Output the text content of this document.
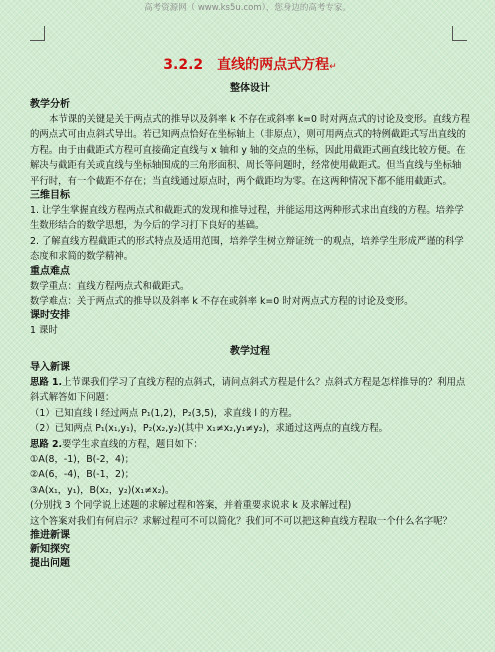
高考资源网（ www.ks5u.com），您身边的高考专家。
3.2.2　直线的两点式方程↵
整体设计
教学分析

本节课的关键是关于两点式的推导以及斜率 k 不存在或斜率 k=0 时对两点式的讨论及变形。直线方程的两点式可由点斜式导出。若已知两点恰好在坐标轴上（非原点），则可用两点式的特例截距式写出直线的方程。由于由截距式方程可直接确定直线与 x 轴和 y 轴的交点的坐标，因此用截距式画直线比较方便。在解决与截距有关或直线与坐标轴围成的三角形面积、周长等问题时，经常使用截距式。但当直线与坐标轴平行时，有一个截距不存在；当直线通过原点时，两个截距均为零。在这两种情况下都不能用截距式。

三维目标

1. 让学生掌握直线方程两点式和截距式的发现和推导过程，并能运用这两种形式求出直线的方程。培养学生数形结合的数学思想，为今后的学习打下良好的基础。

2. 了解直线方程截距式的形式特点及适用范围，培养学生树立辩证统一的观点，培养学生形成严谨的科学态度和求简的数学精神。

重点难点

数学重点：直线方程两点式和截距式。

数学难点：关于两点式的推导以及斜率 k 不存在或斜率 k=0 时对两点式方程的讨论及变形。

课时安排

1 课时

教学过程
导入新课

思路 1.上节课我们学习了直线方程的点斜式，请问点斜式方程是什么？点斜式方程是怎样推导的？利用点斜式解答如下问题：

（1）已知直线 l 经过两点 P₁(1,2)，P₂(3,5)，求直线 l 的方程。

（2）已知两点 P₁(x₁,y₁)，P₂(x₂,y₂)(其中 x₁≠x₂,y₁≠y₂)，求通过这两点的直线方程。

思路 2.要学生求直线的方程，题目如下：

①A(8，-1)，B(-2，4)；

②A(6，-4)，B(-1，2)；

③A(x₁，y₁)，B(x₂，y₂)(x₁≠x₂)。

(分别找 3 个同学说上述题的求解过程和答案，并着重要求说求 k 及求解过程)

这个答案对我们有何启示？求解过程可不可以简化？我们可不可以把这种直线方程取一个什么名字呢？

推进新课
新知探究
提出问题
